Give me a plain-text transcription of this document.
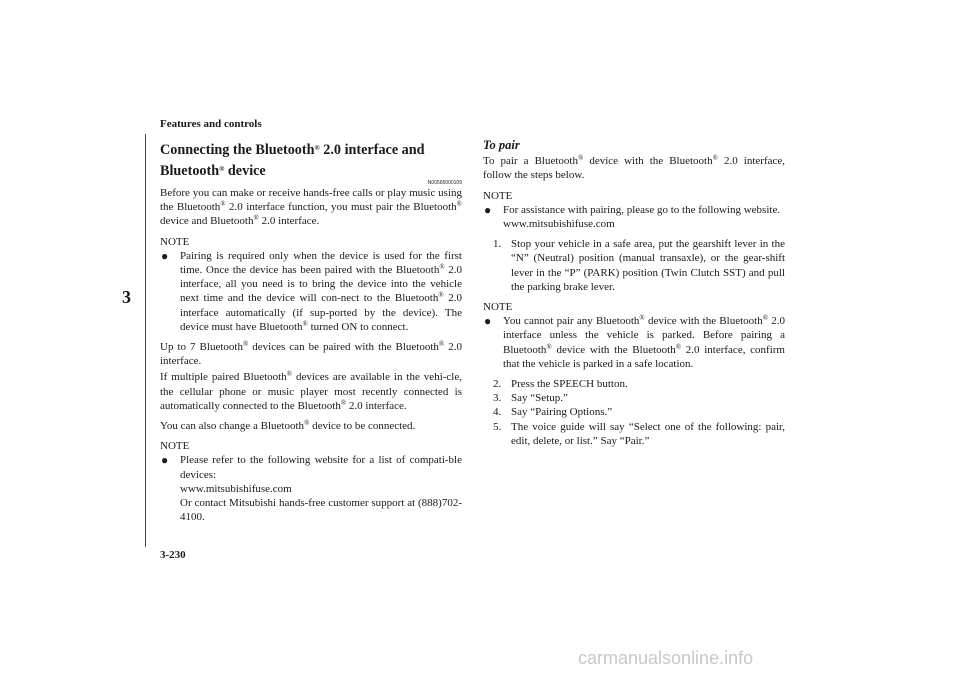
Features and controls
3
3-230
carmanualsonline.info
Connecting the Bluetooth® 2.0 interface and
Bluetooth® device
N00565000109

Before you can make or receive hands-free calls or play music using the Bluetooth® 2.0 interface function, you must pair the Bluetooth® device and Bluetooth® 2.0 interface.

NOTE
● Pairing is required only when the device is used for the first time. Once the device has been paired with the Bluetooth® 2.0 interface, all you need is to bring the device into the vehicle next time and the device will con-nect to the Bluetooth® 2.0 interface automatically (if sup-ported by the device). The device must have Bluetooth® turned ON to connect.

Up to 7 Bluetooth® devices can be paired with the Bluetooth® 2.0 interface.

If multiple paired Bluetooth® devices are available in the vehi-cle, the cellular phone or music player most recently connected is automatically connected to the Bluetooth® 2.0 interface.

You can also change a Bluetooth® device to be connected.

NOTE
● Please refer to the following website for a list of compati-ble devices:
www.mitsubishifuse.com
Or contact Mitsubishi hands-free customer support at (888)702-4100.
To pair

To pair a Bluetooth® device with the Bluetooth® 2.0 interface, follow the steps below.

NOTE
● For assistance with pairing, please go to the following website.
www.mitsubishifuse.com
1. Stop your vehicle in a safe area, put the gearshift lever in the “N” (Neutral) position (manual transaxle), or the gear-shift lever in the “P” (PARK) position (Twin Clutch SST) and pull the parking brake lever.
NOTE
● You cannot pair any Bluetooth® device with the Bluetooth® 2.0 interface unless the vehicle is parked. Before pairing a Bluetooth® device with the Bluetooth® 2.0 interface, confirm that the vehicle is parked in a safe location.
2. Press the SPEECH button.
3. Say “Setup.”
4. Say “Pairing Options.”
5. The voice guide will say “Select one of the following: pair, edit, delete, or list.” Say “Pair.”
